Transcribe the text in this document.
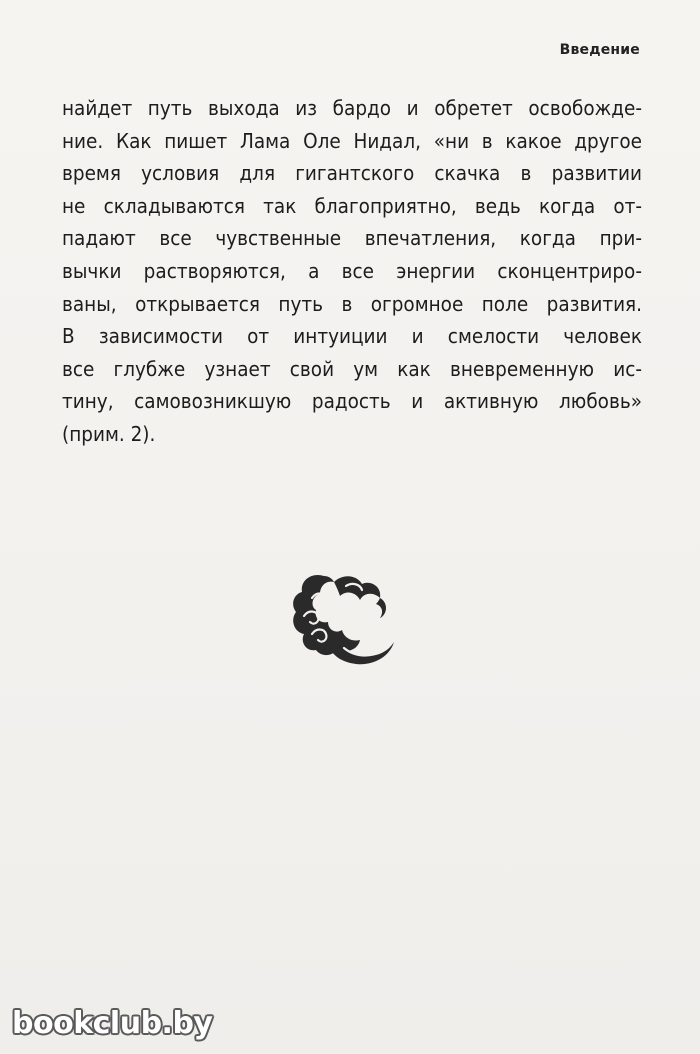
Введение

найдет путь выхода из бардо и обретет освобожде-
ние. Как пишет Лама Оле Нидал, «ни в какое другое
время условия для гигантского скачка в развитии
не складываются так благоприятно, ведь когда от-
падают все чувственные впечатления, когда при-
вычки растворяются, а все энергии сконцентриро-
ваны, открывается путь в огромное поле развития.
В зависимости от интуиции и смелости человек
все глубже узнает свой ум как вневременную ис-
тину, самовозникшую радость и активную любовь»
(прим. 2).

bookclub.by
